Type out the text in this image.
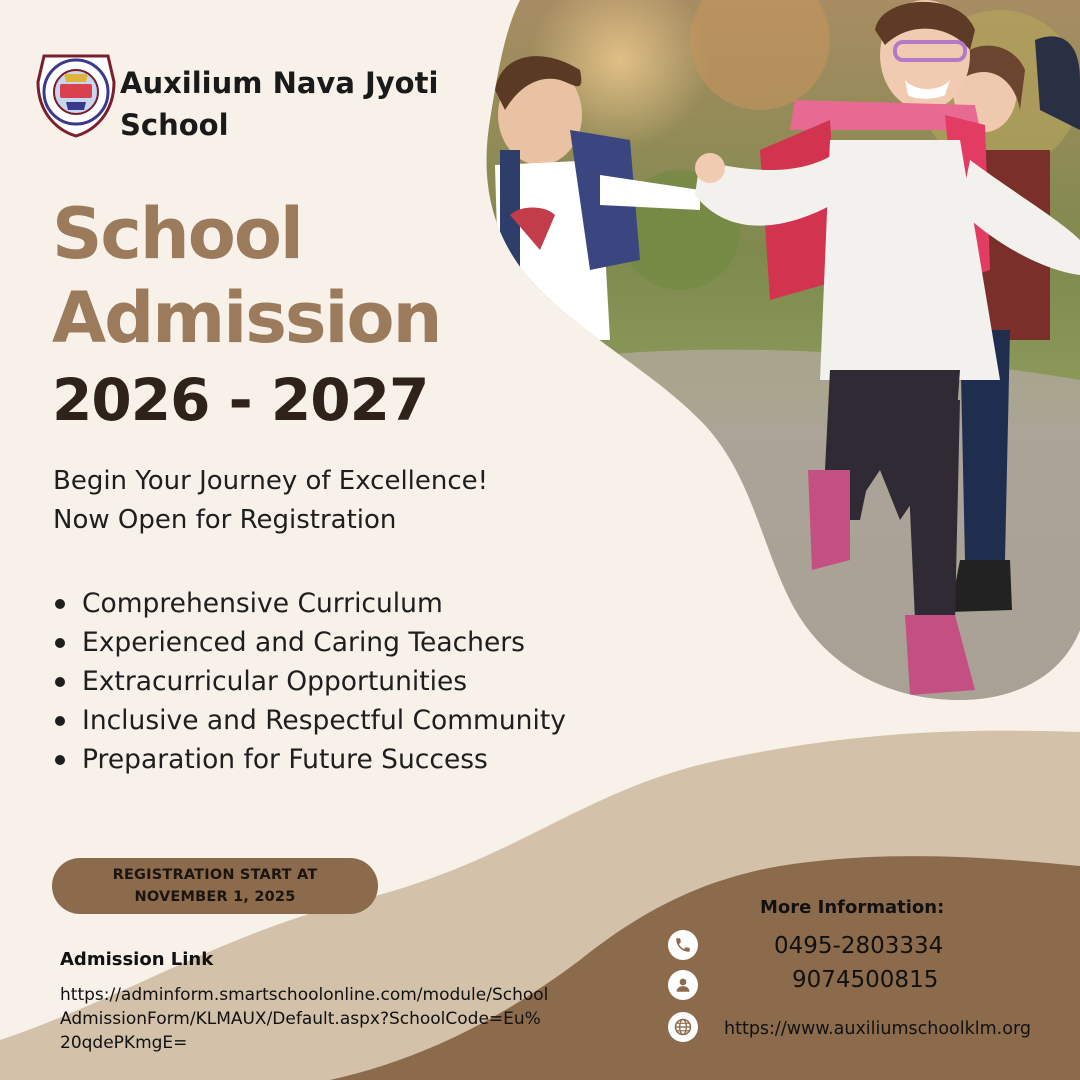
Auxilium Nava Jyoti School
School
Admission
2026 - 2027
Begin Your Journey of Excellence!
Now Open for Registration
Comprehensive Curriculum
Experienced and Caring Teachers
Extracurricular Opportunities
Inclusive and Respectful Community
Preparation for Future Success
REGISTRATION START AT
NOVEMBER 1, 2025
Admission Link
https://adminform.smartschoolonline.com/module/SchoolAdmissionForm/KLMAUX/Default.aspx?SchoolCode=Eu%20qdePKmgE=
More Information:
0495-2803334
9074500815
https://www.auxiliumschoolklm.org
